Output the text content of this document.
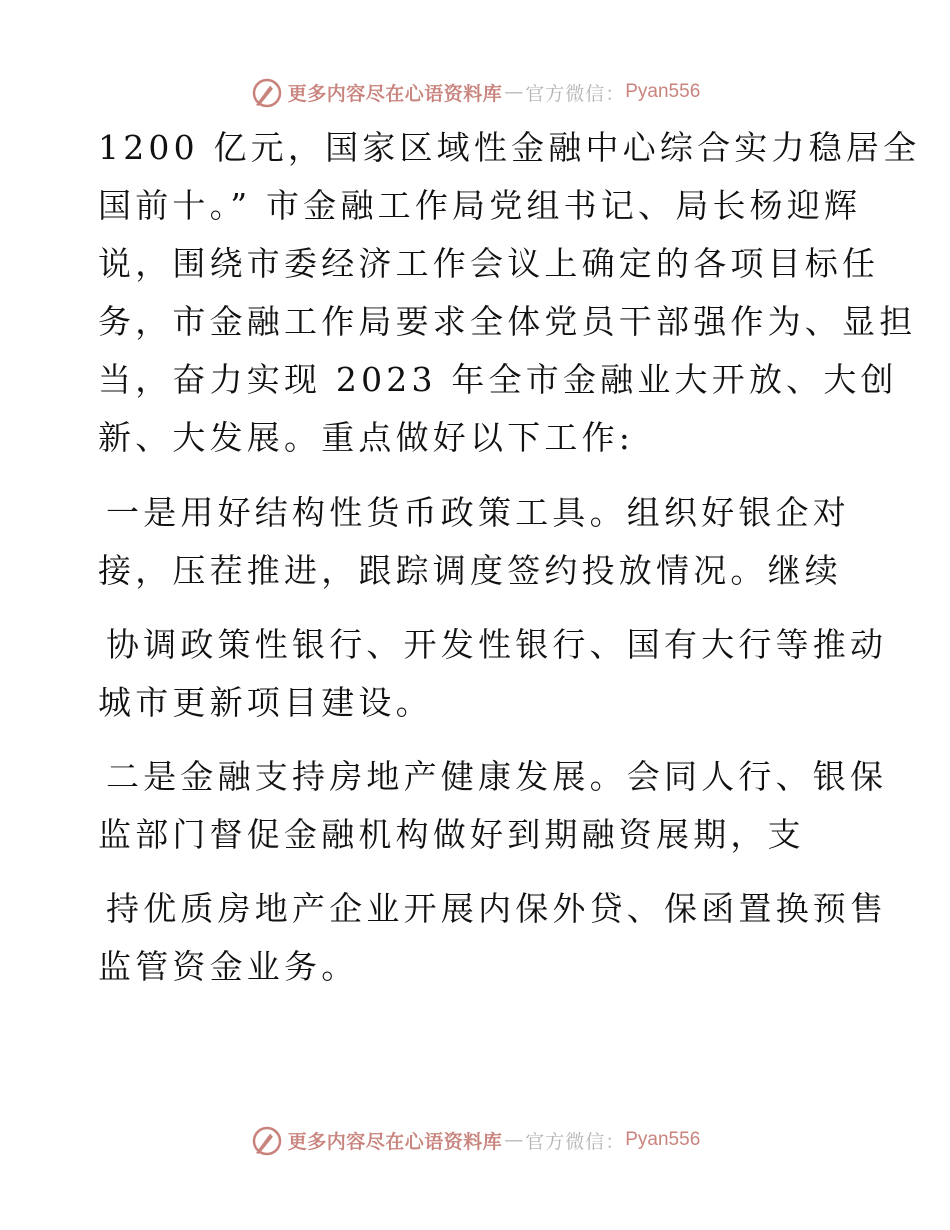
更多内容尽在心语资料库 — 官方微信： Pyan556
1200 亿元，国家区域性金融中心综合实力稳居全
国前十。” 市金融工作局党组书记、局长杨迎辉
说，围绕市委经济工作会议上确定的各项目标任
务，市金融工作局要求全体党员干部强作为、显担
当，奋力实现 2023 年全市金融业大开放、大创
新、大发展。重点做好以下工作:
一是用好结构性货币政策工具。组织好银企对
接，压茬推进，跟踪调度签约投放情况。继续
协调政策性银行、开发性银行、国有大行等推动
城市更新项目建设。
二是金融支持房地产健康发展。会同人行、银保
监部门督促金融机构做好到期融资展期，支
持优质房地产企业开展内保外贷、保函置换预售
监管资金业务。
更多内容尽在心语资料库 — 官方微信： Pyan556
